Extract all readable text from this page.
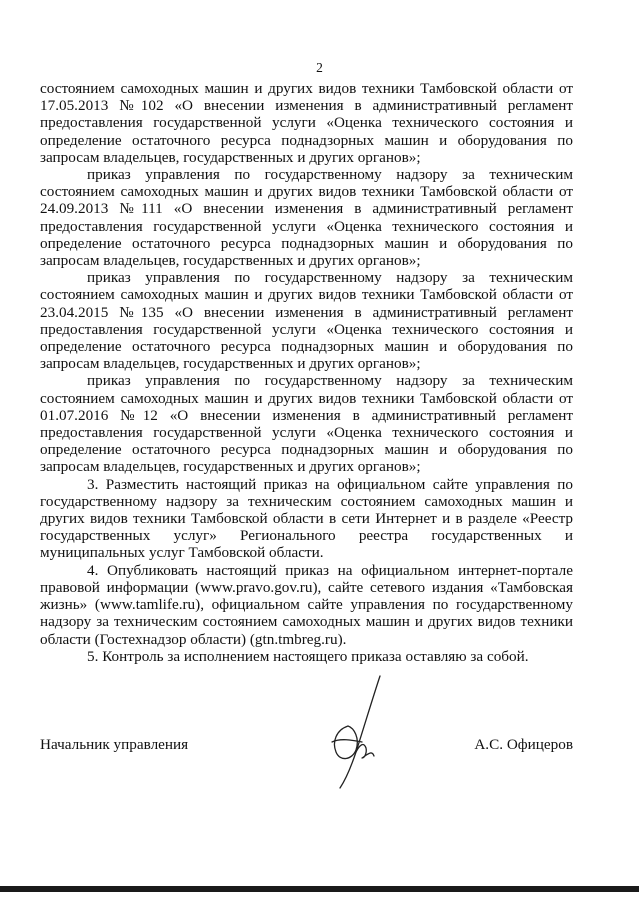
2

состоянием самоходных машин и других видов техники Тамбовской области от 17.05.2013 №102 «О внесении изменения в административный регламент предоставления государственной услуги «Оценка технического состояния и определение остаточного ресурса поднадзорных машин и оборудования по запросам владельцев, государственных и других органов»;

приказ управления по государственному надзору за техническим состоянием самоходных машин и других видов техники Тамбовской области от 24.09.2013 №111 «О внесении изменения в административный регламент предоставления государственной услуги «Оценка технического состояния и определение остаточного ресурса поднадзорных машин и оборудования по запросам владельцев, государственных и других органов»;

приказ управления по государственному надзору за техническим состоянием самоходных машин и других видов техники Тамбовской области от 23.04.2015 №135 «О внесении изменения в административный регламент предоставления государственной услуги «Оценка технического состояния и определение остаточного ресурса поднадзорных машин и оборудования по запросам владельцев, государственных и других органов»;

приказ управления по государственному надзору за техническим состоянием самоходных машин и других видов техники Тамбовской области от 01.07.2016 №12 «О внесении изменения в административный регламент предоставления государственной услуги «Оценка технического состояния и определение остаточного ресурса поднадзорных машин и оборудования по запросам владельцев, государственных и других органов»;

3. Разместить настоящий приказ на официальном сайте управления по государственному надзору за техническим состоянием самоходных машин и других видов техники Тамбовской области в сети Интернет и в разделе «Реестр государственных услуг» Регионального реестра государственных и муниципальных услуг Тамбовской области.

4. Опубликовать настоящий приказ на официальном интернет-портале правовой информации (www.pravo.gov.ru), сайте сетевого издания «Тамбовская жизнь» (www.tamlife.ru), официальном сайте управления по государственному надзору за техническим состоянием самоходных машин и других видов техники области (Гостехнадзор области) (gtn.tmbreg.ru).

5. Контроль за исполнением настоящего приказа оставляю за собой.

Начальник управления	А.С. Офицеров
